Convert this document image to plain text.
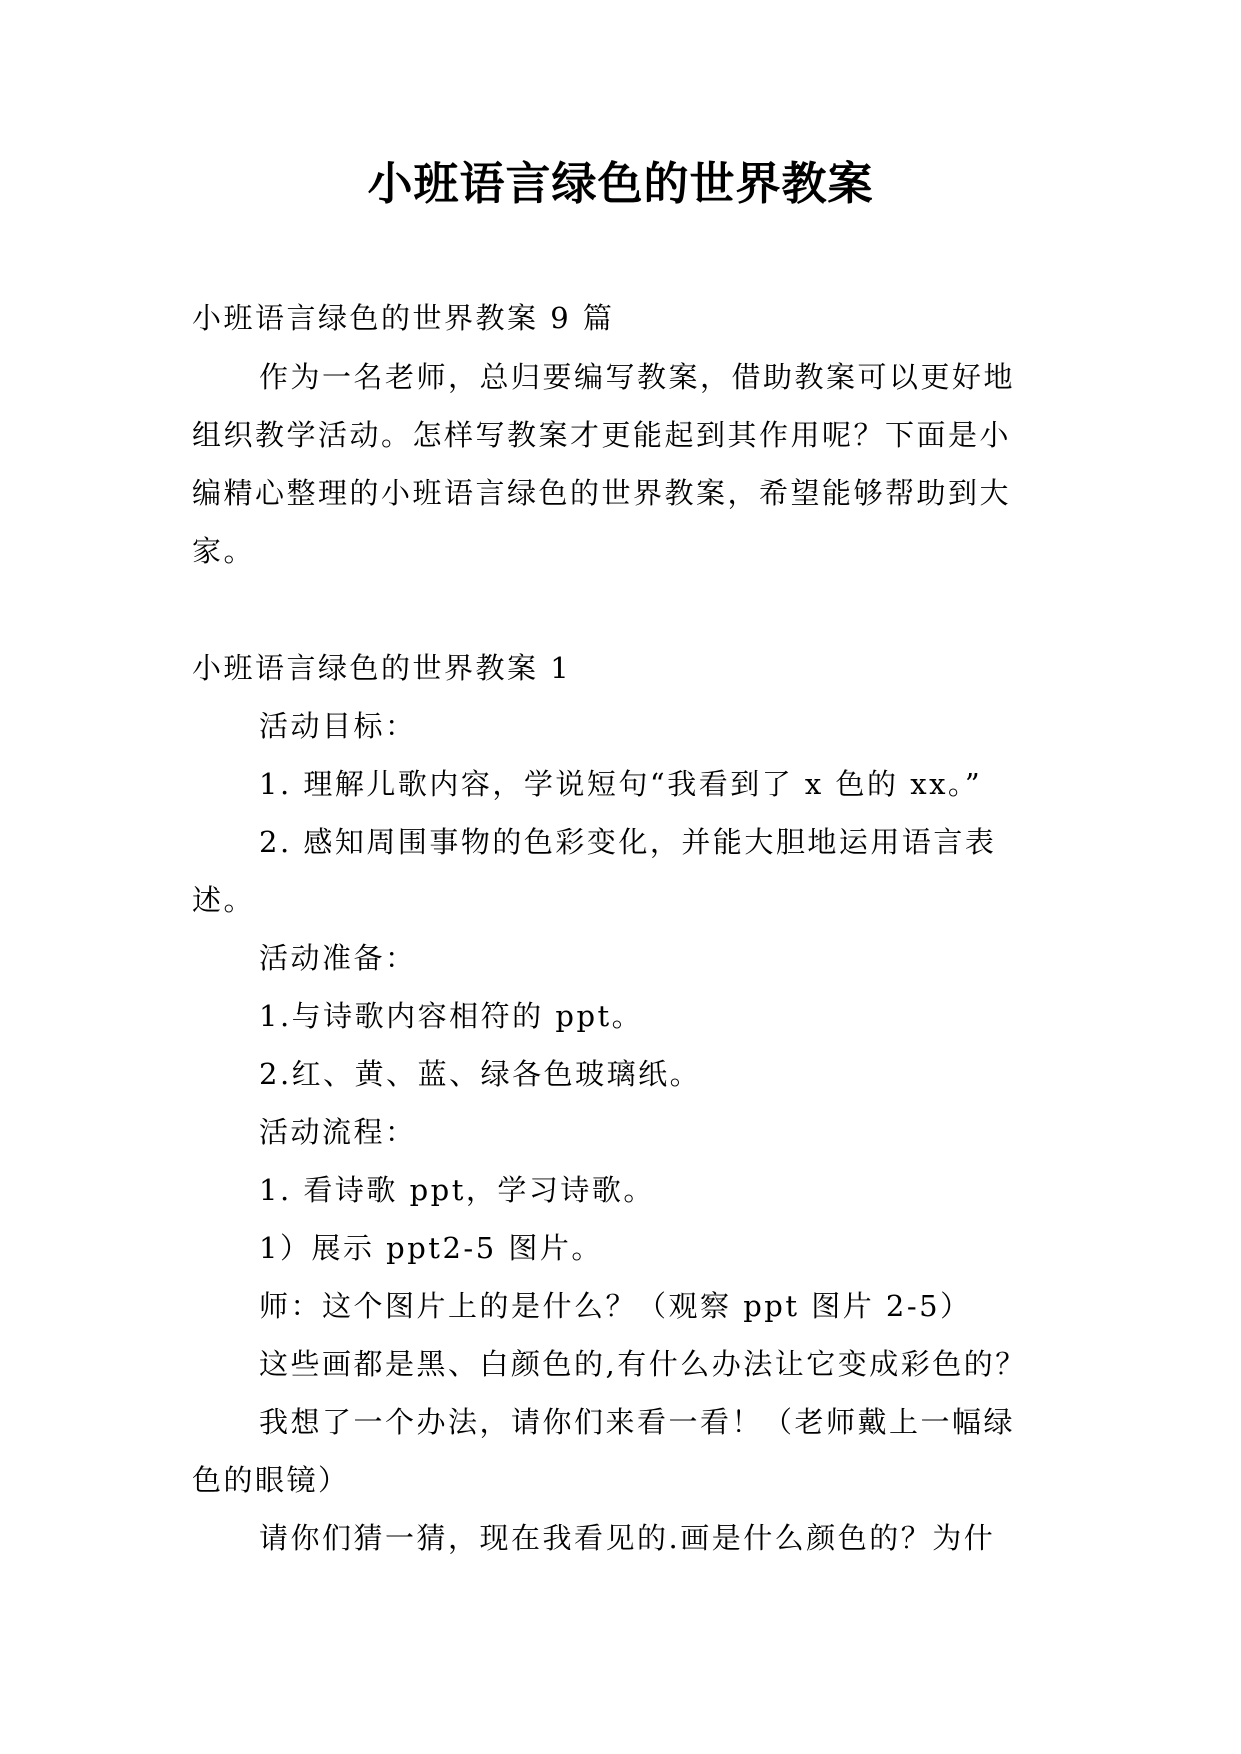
小班语言绿色的世界教案
小班语言绿色的世界教案 9 篇
作为一名老师，总归要编写教案，借助教案可以更好地
组织教学活动。怎样写教案才更能起到其作用呢？下面是小
编精心整理的小班语言绿色的世界教案，希望能够帮助到大
家。
小班语言绿色的世界教案 1
活动目标：
1. 理解儿歌内容，学说短句“我看到了 x 色的 xx。”
2. 感知周围事物的色彩变化，并能大胆地运用语言表
述。
活动准备：
1.与诗歌内容相符的 ppt。
2.红、黄、蓝、绿各色玻璃纸。
活动流程：
1. 看诗歌 ppt，学习诗歌。
1）展示 ppt2-5 图片。
师：这个图片上的是什么？（观察 ppt 图片 2-5）
这些画都是黑、白颜色的,有什么办法让它变成彩色的？
我想了一个办法，请你们来看一看！（老师戴上一幅绿
色的眼镜）
请你们猜一猜，现在我看见的.画是什么颜色的？为什
